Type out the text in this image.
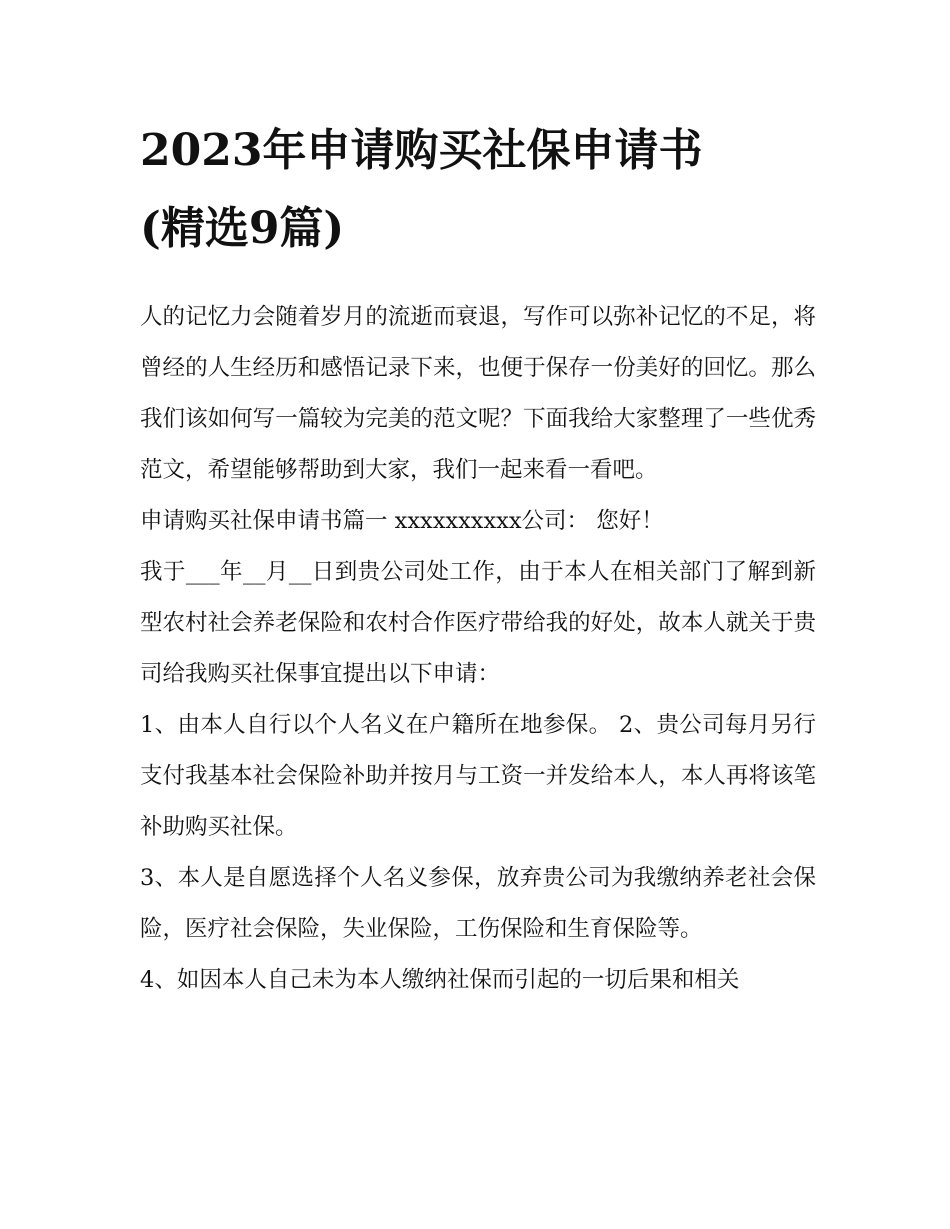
2023年申请购买社保申请书
(精选9篇)

人的记忆力会随着岁月的流逝而衰退，写作可以弥补记忆的不足，将曾经的人生经历和感悟记录下来，也便于保存一份美好的回忆。那么我们该如何写一篇较为完美的范文呢？下面我给大家整理了一些优秀范文，希望能够帮助到大家，我们一起来看一看吧。

申请购买社保申请书篇一 xxxxxxxxxx公司： 您好！

我于___年__月__日到贵公司处工作，由于本人在相关部门了解到新型农村社会养老保险和农村合作医疗带给我的好处，故本人就关于贵司给我购买社保事宜提出以下申请：

1、由本人自行以个人名义在户籍所在地参保。 2、贵公司每月另行支付我基本社会保险补助并按月与工资一并发给本人，本人再将该笔补助购买社保。

3、本人是自愿选择个人名义参保，放弃贵公司为我缴纳养老社会保险，医疗社会保险，失业保险，工伤保险和生育保险等。

4、如因本人自己未为本人缴纳社保而引起的一切后果和相关
